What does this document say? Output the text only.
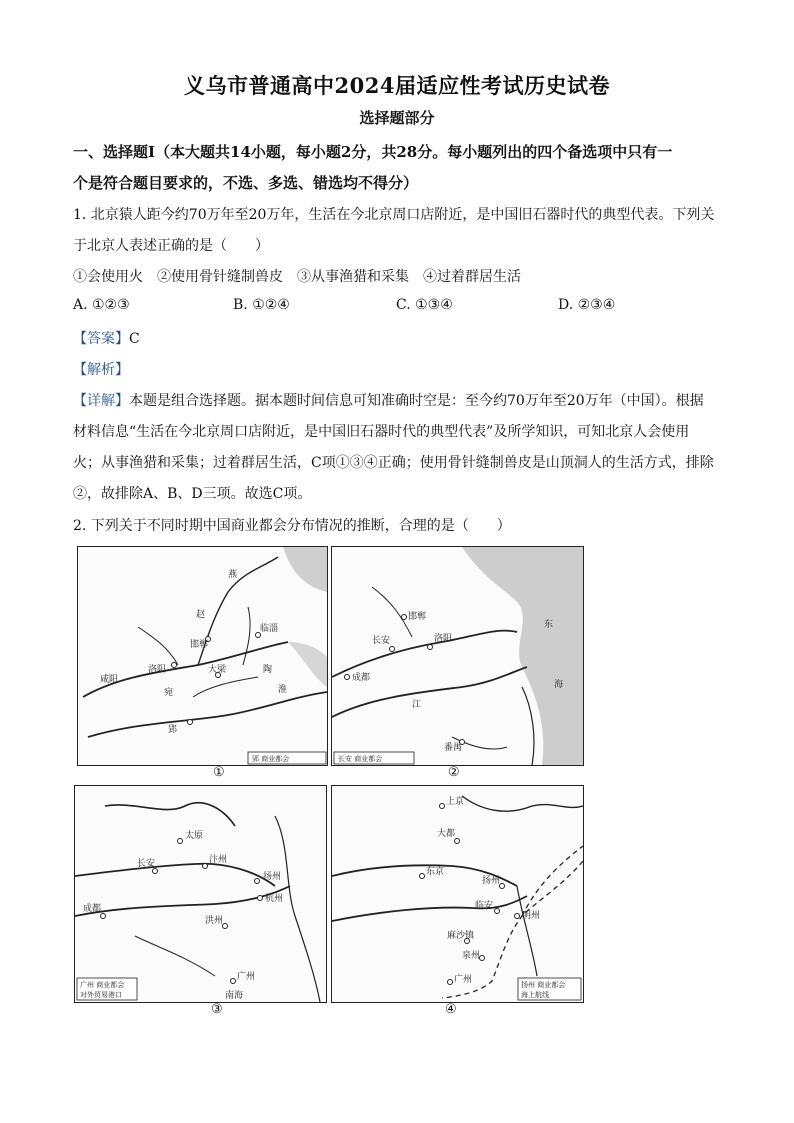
义乌市普通高中2024届适应性考试历史试卷
选择题部分
一、选择题Ⅰ（本大题共14小题，每小题2分，共28分。每小题列出的四个备选项中只有一
个是符合题目要求的，不选、多选、错选均不得分）
1. 北京猿人距今约70万年至20万年，生活在今北京周口店附近，是中国旧石器时代的典型代表。下列关
于北京人表述正确的是（　　）
①会使用火　②使用骨针缝制兽皮　③从事渔猎和采集　④过着群居生活
A. ①②③	B. ①②④	C. ①③④	D. ②③④
【答案】C
【解析】
【详解】本题是组合选择题。据本题时间信息可知准确时空是：至今约70万年至20万年（中国）。根据
材料信息“生活在今北京周口店附近，是中国旧石器时代的典型代表”及所学知识，可知北京人会使用
火；从事渔猎和采集；过着群居生活，C项①③④正确；使用骨针缝制兽皮是山顶洞人的生活方式，排除
②，故排除A、B、D三项。故选C项。
2. 下列关于不同时期中国商业都会分布情况的推断，合理的是（　　）
燕
赵
邯郸
临淄
洛阳	大梁
咸阳
陶
郢
宛	淮
郢 商业都会
①
邯郸
长安	洛阳
成都
番禺
江
东
海
长安 商业都会
②
太原
长安	汴州
扬州
杭州
成都
洪州
广州
南海
广州 商业都会
对外贸易港口
③
上京
大都
东京
临安
扬州
明州
泉州
广州
麻沙镇
扬州 商业都会
海上航线
④
